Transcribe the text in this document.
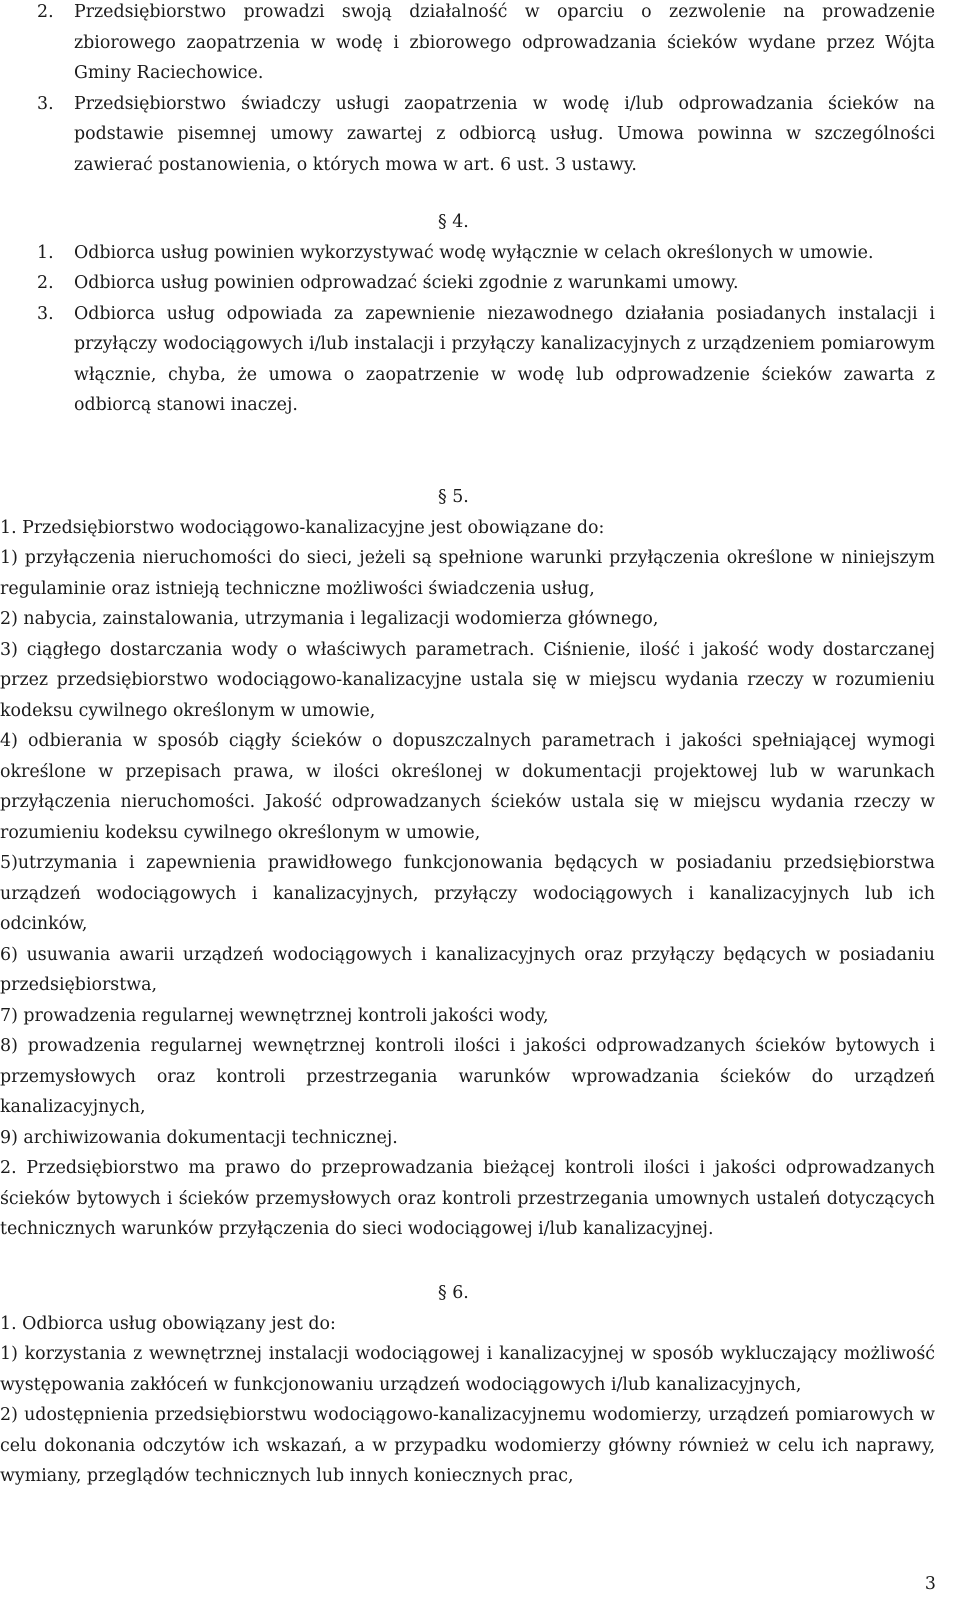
2.	Przedsiębiorstwo prowadzi swoją działalność w oparciu o zezwolenie na prowadzenie zbiorowego zaopatrzenia w wodę i zbiorowego odprowadzania ścieków wydane przez Wójta Gminy Raciechowice.
3.	Przedsiębiorstwo świadczy usługi zaopatrzenia w wodę i/lub odprowadzania ścieków na podstawie pisemnej umowy zawartej z odbiorcą usług. Umowa powinna w szczególności zawierać postanowienia, o których mowa w art. 6 ust. 3 ustawy.

§ 4.

1.	Odbiorca usług powinien wykorzystywać wodę wyłącznie w celach określonych w umowie.
2.	Odbiorca usług powinien odprowadzać ścieki zgodnie z warunkami umowy.
3.	Odbiorca usług odpowiada za zapewnienie niezawodnego działania posiadanych instalacji i przyłączy wodociągowych i/lub instalacji i przyłączy kanalizacyjnych z urządzeniem pomiarowym włącznie, chyba, że umowa o zaopatrzenie w wodę lub odprowadzenie ścieków zawarta z odbiorcą stanowi inaczej.

§ 5.

1. Przedsiębiorstwo wodociągowo-kanalizacyjne jest obowiązane do:

1) przyłączenia nieruchomości do sieci, jeżeli są spełnione warunki przyłączenia określone w niniejszym regulaminie oraz istnieją techniczne możliwości świadczenia usług,

2) nabycia, zainstalowania, utrzymania i legalizacji wodomierza głównego,

3) ciągłego dostarczania wody o właściwych parametrach. Ciśnienie, ilość i jakość wody dostarczanej przez przedsiębiorstwo wodociągowo-kanalizacyjne ustala się w miejscu wydania rzeczy w rozumieniu kodeksu cywilnego określonym w umowie,

4) odbierania w sposób ciągły ścieków o dopuszczalnych parametrach i jakości spełniającej wymogi określone w przepisach prawa, w ilości określonej w dokumentacji projektowej lub w warunkach przyłączenia nieruchomości. Jakość odprowadzanych ścieków ustala się w miejscu wydania rzeczy w rozumieniu kodeksu cywilnego określonym w umowie,

5)utrzymania i zapewnienia prawidłowego funkcjonowania będących w posiadaniu przedsiębiorstwa urządzeń wodociągowych i kanalizacyjnych, przyłączy wodociągowych i kanalizacyjnych lub ich odcinków,

6) usuwania awarii urządzeń wodociągowych i kanalizacyjnych oraz przyłączy będących w posiadaniu przedsiębiorstwa,

7) prowadzenia regularnej wewnętrznej kontroli jakości wody,

8) prowadzenia regularnej wewnętrznej kontroli ilości i jakości odprowadzanych ścieków bytowych i przemysłowych oraz kontroli przestrzegania warunków wprowadzania ścieków do urządzeń kanalizacyjnych,

9) archiwizowania dokumentacji technicznej.

2. Przedsiębiorstwo ma prawo do przeprowadzania bieżącej kontroli ilości i jakości odprowadzanych ścieków bytowych i ścieków przemysłowych oraz kontroli przestrzegania umownych ustaleń dotyczących technicznych warunków przyłączenia do sieci wodociągowej i/lub kanalizacyjnej.

§ 6.

1. Odbiorca usług obowiązany jest do:

1) korzystania z wewnętrznej instalacji wodociągowej i kanalizacyjnej w sposób wykluczający możliwość występowania zakłóceń w funkcjonowaniu urządzeń wodociągowych i/lub kanalizacyjnych,

2) udostępnienia przedsiębiorstwu wodociągowo-kanalizacyjnemu wodomierzy, urządzeń pomiarowych w celu dokonania odczytów ich wskazań, a w przypadku wodomierzy główny również w celu ich naprawy, wymiany, przeglądów technicznych lub innych koniecznych prac,

3
